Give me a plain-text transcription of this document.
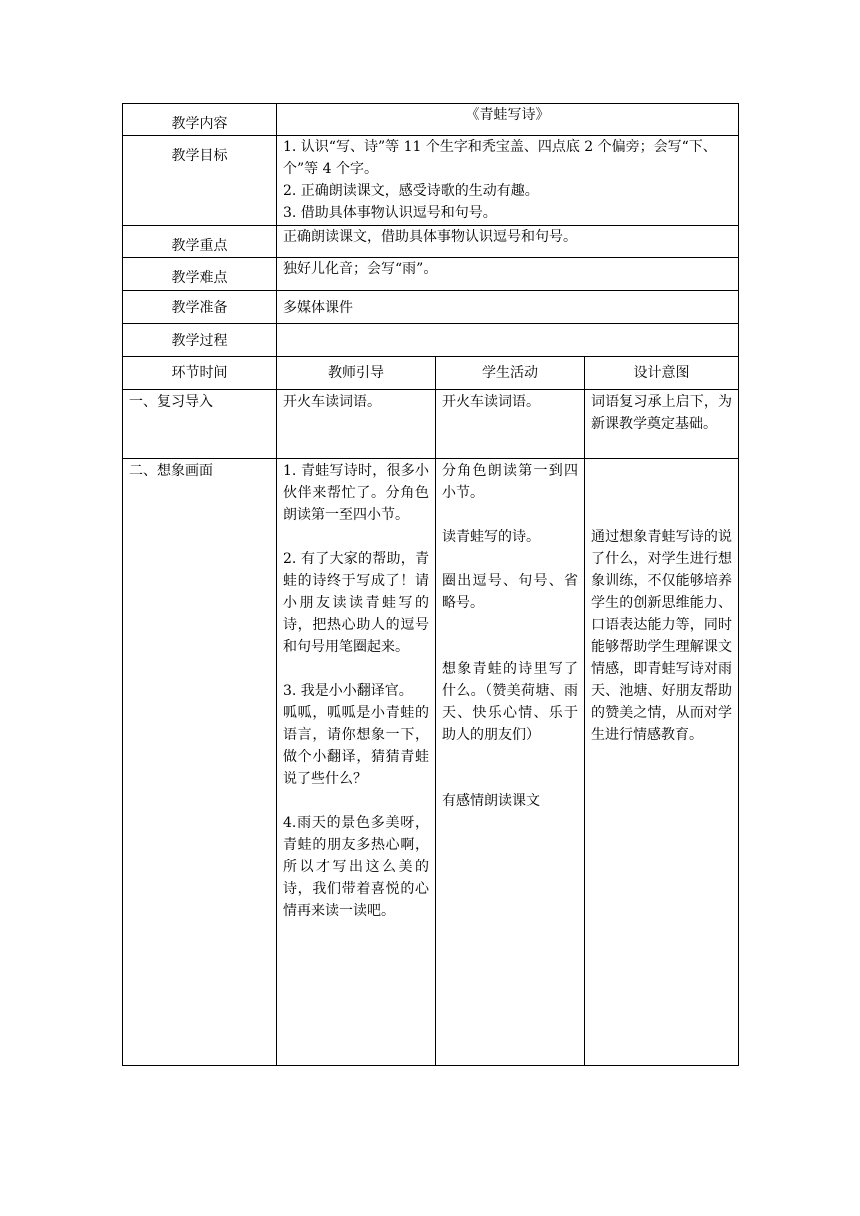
教学内容	《青蛙写诗》		
教学目标	1. 认识“写、诗”等 11 个生字和秃宝盖、四点底 2 个偏旁；会写“下、个”等 4 个字。
2. 正确朗读课文，感受诗歌的生动有趣。
3. 借助具体事物认识逗号和句号。		

教学重点	正确朗读课文，借助具体事物认识逗号和句号。		
教学难点	独好儿化音；会写“雨”。		
教学准备	多媒体课件		
教学过程			
环节时间	教师引导	学生活动	设计意图
一、复习导入	开火车读词语。	开火车读词语。	词语复习承上启下，为新课教学奠定基础。
二、想象画面	1. 青蛙写诗时，很多小伙伴来帮忙了。分角色朗读第一至四小节。
2. 有了大家的帮助，青蛙的诗终于写成了！请小朋友读读青蛙写的诗，把热心助人的逗号和句号用笔圈起来。
3. 我是小小翻译官。
呱呱，呱呱是小青蛙的语言，请你想象一下，做个小翻译，猜猜青蛙说了些什么？
4.雨天的景色多美呀，青蛙的朋友多热心啊，所以才写出这么美的诗，我们带着喜悦的心情再来读一读吧。	分角色朗读第一到四小节。
读青蛙写的诗。
圈出逗号、句号、省略号。
想象青蛙的诗里写了什么。（赞美荷塘、雨天、快乐心情、乐于助人的朋友们）
有感情朗读课文	通过想象青蛙写诗的说了什么，对学生进行想象训练，不仅能够培养学生的创新思维能力、口语表达能力等，同时能够帮助学生理解课文情感，即青蛙写诗对雨天、池塘、好朋友帮助的赞美之情，从而对学生进行情感教育。
